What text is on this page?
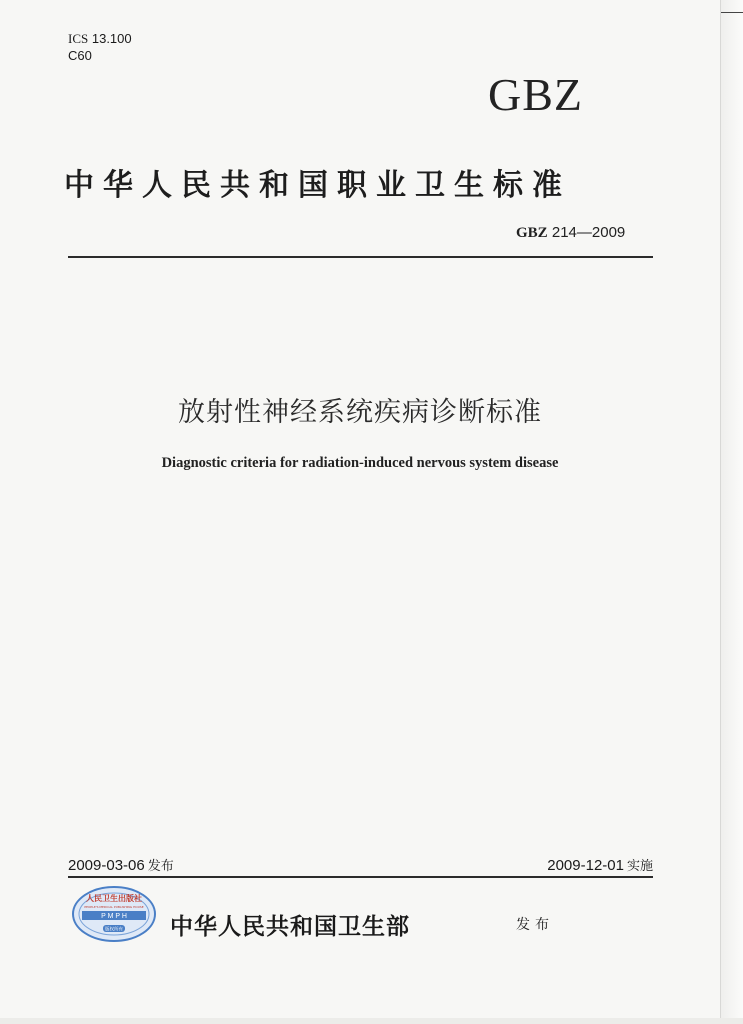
ICS 13.100
C60
GBZ
中华人民共和国职业卫生标准
GBZ 214—2009
放射性神经系统疾病诊断标准
Diagnostic criteria for radiation-induced nervous system disease
2009-03-06 发布	2009-12-01 实施
人民卫生出版社
PEOPLE'S MEDICAL PUBLISHING HOUSE
P M P H
版权所有 中华人民共和国卫生部	发布
